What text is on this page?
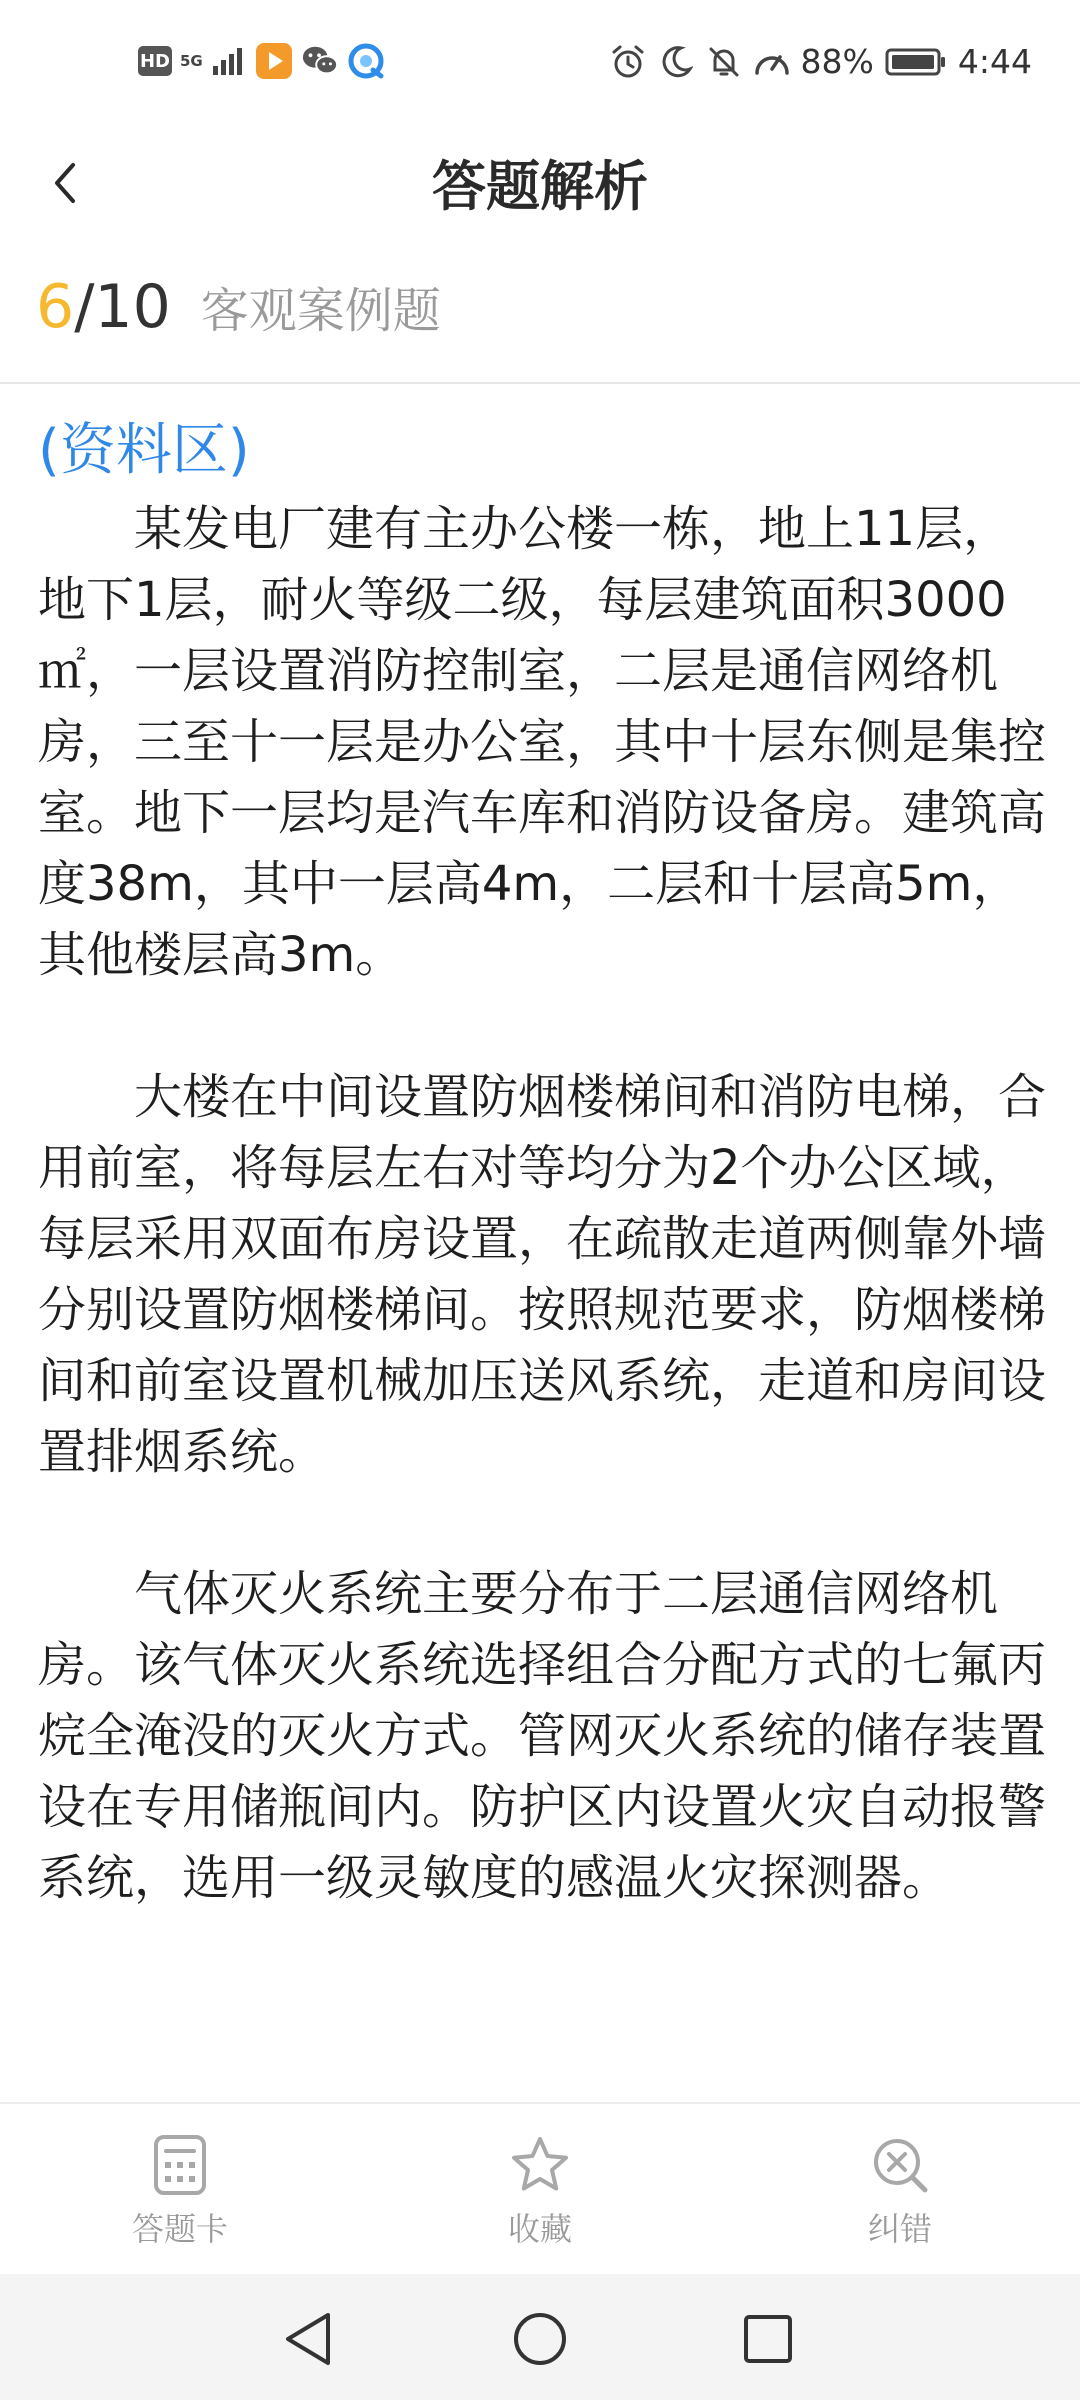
HD 5G	88%	4:44
答题解析
6 / 10 客观案例题
(资料区)

某发电厂建有主办公楼一栋，地上11层，地下1层，耐火等级二级，每层建筑面积3000㎡，一层设置消防控制室，二层是通信网络机房，三至十一层是办公室，其中十层东侧是集控室。地下一层均是汽车库和消防设备房。建筑高度38m，其中一层高4m，二层和十层高5m，其他楼层高3m。

大楼在中间设置防烟楼梯间和消防电梯，合用前室，将每层左右对等均分为2个办公区域，每层采用双面布房设置，在疏散走道两侧靠外墙分别设置防烟楼梯间。按照规范要求，防烟楼梯间和前室设置机械加压送风系统，走道和房间设置排烟系统。

气体灭火系统主要分布于二层通信网络机房。该气体灭火系统选择组合分配方式的七氟丙烷全淹没的灭火方式。管网灭火系统的储存装置设在专用储瓶间内。防护区内设置火灾自动报警系统，选用一级灵敏度的感温火灾探测器。

答题卡	收藏	纠错
